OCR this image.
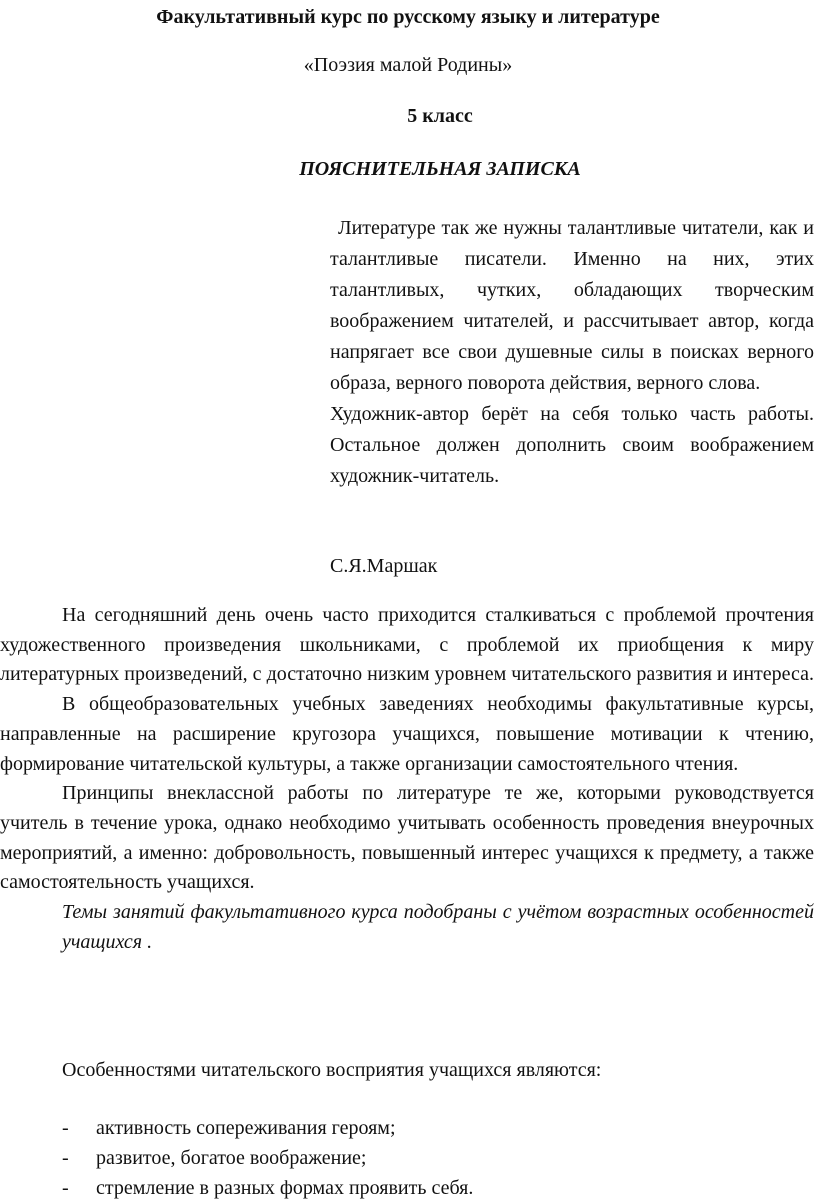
Факультативный курс по русскому языку и литературе
«Поэзия малой Родины»
5 класс
ПОЯСНИТЕЛЬНАЯ ЗАПИСКА

Литературе так же нужны талантливые читатели, как и талантливые писатели. Именно на них, этих талантливых, чутких, обладающих творческим воображением читателей, и рассчитывает автор, когда напрягает все свои душевные силы в поисках верного образа, верного поворота действия, верного слова.

Художник-автор берёт на себя только часть работы. Остальное должен дополнить своим воображением художник-читатель.

С.Я.Маршак

На сегодняшний день очень часто приходится сталкиваться с проблемой прочтения художественного произведения школьниками, с проблемой их приобщения к миру литературных произведений, с достаточно низким уровнем читательского развития и интереса.

В общеобразовательных учебных заведениях необходимы факультативные курсы, направленные на расширение кругозора учащихся, повышение мотивации к чтению, формирование читательской культуры, а также организации самостоятельного чтения.

Принципы внеклассной работы по литературе те же, которыми руководствуется учитель в течение урока, однако необходимо учитывать особенность проведения внеурочных мероприятий, а именно: добровольность, повышенный интерес учащихся к предмету, а также самостоятельность учащихся.

Темы занятий факультативного курса подобраны с учётом возрастных особенностей учащихся .

Особенностями читательского восприятия учащихся являются:
- активность сопереживания героям;
- развитое, богатое воображение;
- стремление в разных формах проявить себя.
